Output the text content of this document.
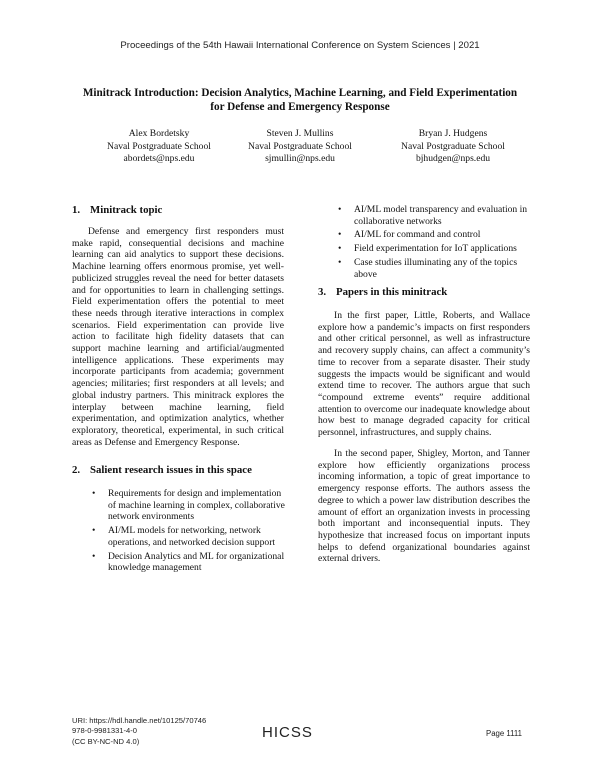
Proceedings of the 54th Hawaii International Conference on System Sciences | 2021
Minitrack Introduction: Decision Analytics, Machine Learning, and Field Experimentation
for Defense and Emergency Response
Alex Bordetsky
Naval Postgraduate School
abordets@nps.edu
Steven J. Mullins
Naval Postgraduate School
sjmullin@nps.edu
Bryan J. Hudgens
Naval Postgraduate School
bjhudgen@nps.edu
1. Minitrack topic

Defense and emergency first responders must make rapid, consequential decisions and machine learning can aid analytics to support these decisions. Machine learning offers enormous promise, yet well-publicized struggles reveal the need for better datasets and for opportunities to learn in challenging settings. Field experimentation offers the potential to meet these needs through iterative interactions in complex scenarios. Field experimentation can provide live action to facilitate high fidelity datasets that can support machine learning and artificial/augmented intelligence applications. These experiments may incorporate participants from academia; government agencies; militaries; first responders at all levels; and global industry partners. This minitrack explores the interplay between machine learning, field experimentation, and optimization analytics, whether exploratory, theoretical, experimental, in such critical areas as Defense and Emergency Response.

2. Salient research issues in this space
• Requirements for design and implementation of machine learning in complex, collaborative network environments
• AI/ML models for networking, network operations, and networked decision support
• Decision Analytics and ML for organizational knowledge management
• AI/ML model transparency and evaluation in collaborative networks
• AI/ML for command and control
• Field experimentation for IoT applications
• Case studies illuminating any of the topics above
3. Papers in this minitrack

In the first paper, Little, Roberts, and Wallace explore how a pandemic’s impacts on first responders and other critical personnel, as well as infrastructure and recovery supply chains, can affect a community’s time to recover from a separate disaster. Their study suggests the impacts would be significant and would extend time to recover. The authors argue that such “compound extreme events” require additional attention to overcome our inadequate knowledge about how best to manage degraded capacity for critical personnel, infrastructures, and supply chains.

In the second paper, Shigley, Morton, and Tanner explore how efficiently organizations process incoming information, a topic of great importance to emergency response efforts. The authors assess the degree to which a power law distribution describes the amount of effort an organization invests in processing both important and inconsequential inputs. They hypothesize that increased focus on important inputs helps to defend organizational boundaries against external drivers.

URI: https://hdl.handle.net/10125/70746
978-0-9981331-4-0
(CC BY-NC-ND 4.0)
HICSS	Page 1111
